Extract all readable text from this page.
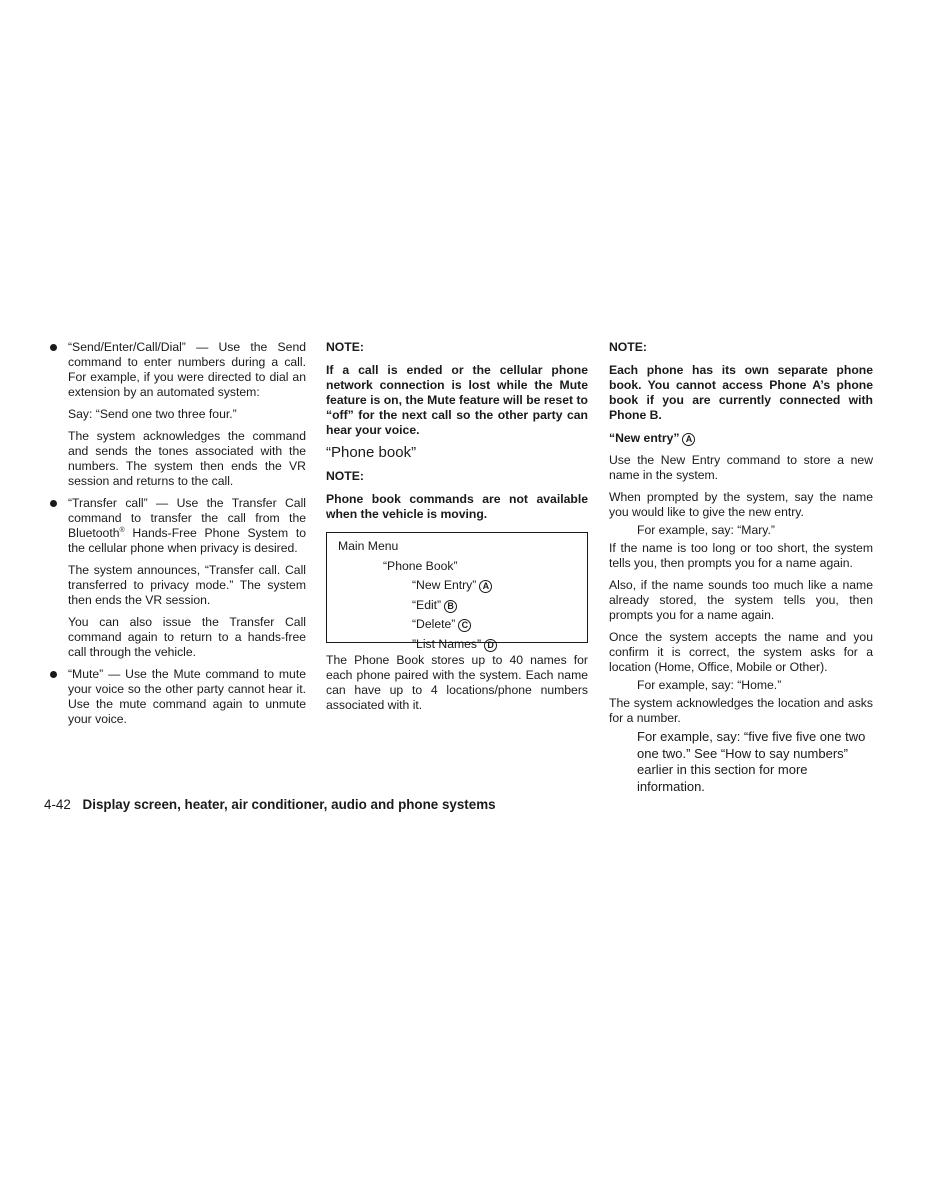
“Send/Enter/Call/Dial” — Use the Send command to enter numbers during a call. For example, if you were directed to dial an extension by an automated system:

Say: “Send one two three four.”

The system acknowledges the command and sends the tones associated with the numbers. The system then ends the VR session and returns to the call.

“Transfer call” — Use the Transfer Call command to transfer the call from the Bluetooth® Hands-Free Phone System to the cellular phone when privacy is desired.

The system announces, “Transfer call. Call transferred to privacy mode.” The system then ends the VR session.

You can also issue the Transfer Call command again to return to a hands-free call through the vehicle.

“Mute” — Use the Mute command to mute your voice so the other party cannot hear it. Use the mute command again to unmute your voice.

NOTE:

If a call is ended or the cellular phone network connection is lost while the Mute feature is on, the Mute feature will be reset to “off” for the next call so the other party can hear your voice.

“Phone book”
NOTE:

Phone book commands are not available when the vehicle is moving.

Main Menu
“Phone Book”
“New Entry” A
“Edit” B
“Delete” C
”List Names” D

The Phone Book stores up to 40 names for each phone paired with the system. Each name can have up to 4 locations/phone numbers associated with it.

NOTE:

Each phone has its own separate phone book. You cannot access Phone A’s phone book if you are currently connected with Phone B.

“New entry” A

Use the New Entry command to store a new name in the system.

When prompted by the system, say the name you would like to give the new entry.

For example, say: “Mary.”

If the name is too long or too short, the system tells you, then prompts you for a name again.

Also, if the name sounds too much like a name already stored, the system tells you, then prompts you for a name again.

Once the system accepts the name and you confirm it is correct, the system asks for a location (Home, Office, Mobile or Other).

For example, say: “Home.”

The system acknowledges the location and asks for a number.

For example, say: “five five five one two one two.” See “How to say numbers” earlier in this section for more information.

4-42 Display screen, heater, air conditioner, audio and phone systems
